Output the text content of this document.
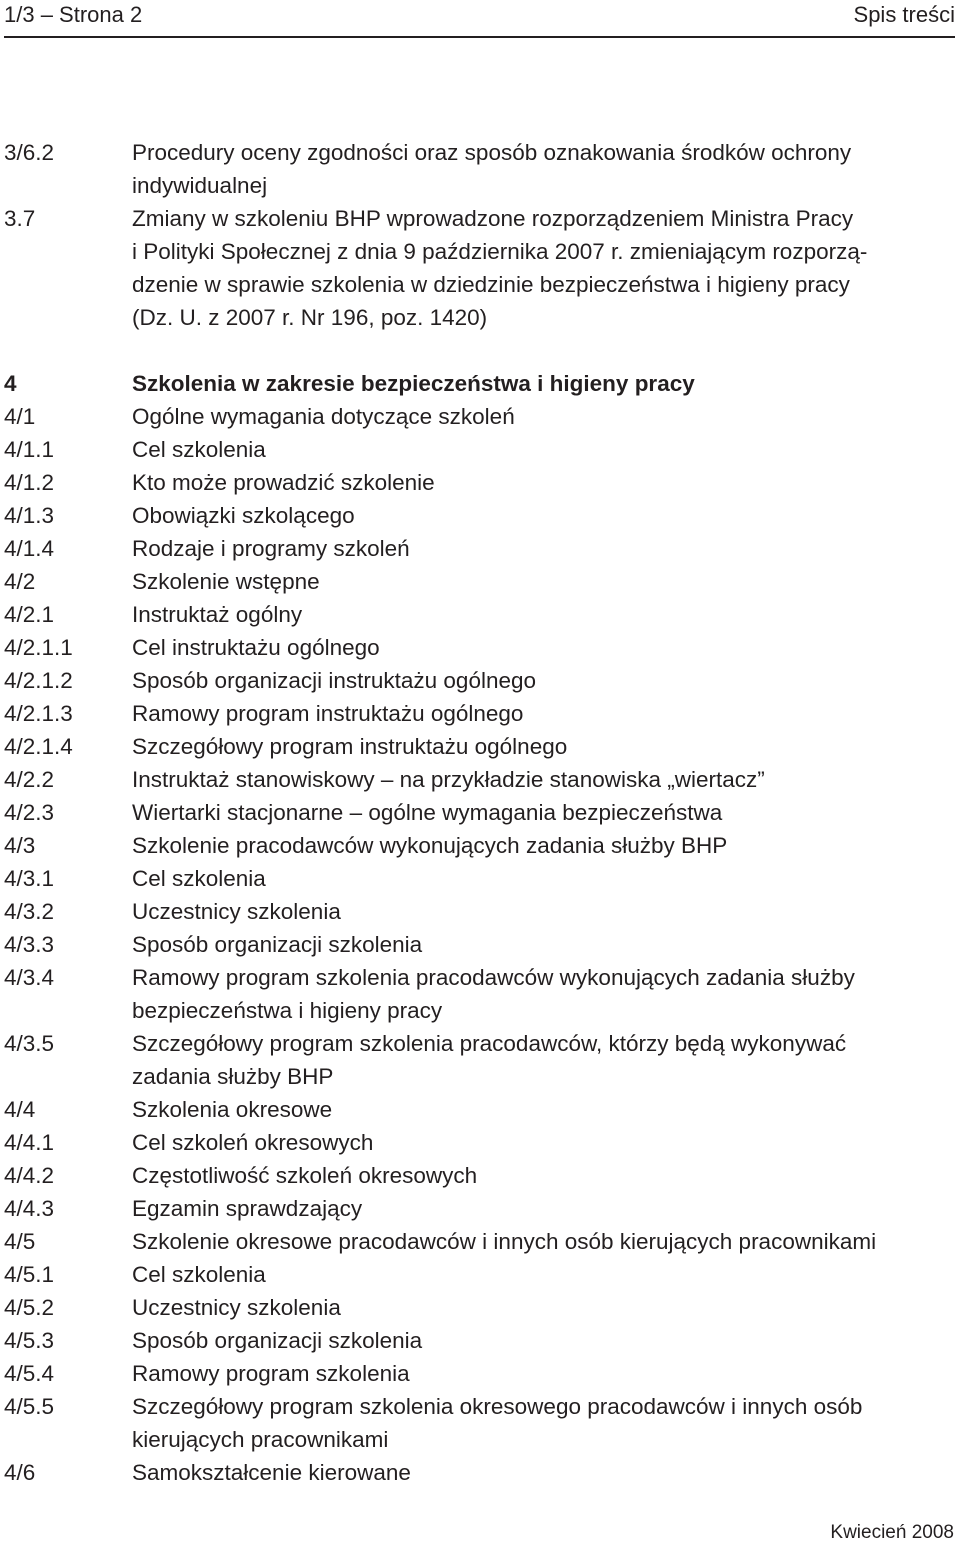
1/3 – Strona 2	Spis treści
3/6.2	Procedury oceny zgodności oraz sposób oznakowania środków ochrony
indywidualnej
3.7	Zmiany w szkoleniu BHP wprowadzone rozporządzeniem Ministra Pracy
i Polityki Społecznej z dnia 9 października 2007 r. zmieniającym rozporzą-
dzenie w sprawie szkolenia w dziedzinie bezpieczeństwa i higieny pracy
(Dz. U. z 2007 r. Nr 196, poz. 1420)
4	Szkolenia w zakresie bezpieczeństwa i higieny pracy
4/1	Ogólne wymagania dotyczące szkoleń
4/1.1	Cel szkolenia
4/1.2	Kto może prowadzić szkolenie
4/1.3	Obowiązki szkolącego
4/1.4	Rodzaje i programy szkoleń
4/2	Szkolenie wstępne
4/2.1	Instruktaż ogólny
4/2.1.1	Cel instruktażu ogólnego
4/2.1.2	Sposób organizacji instruktażu ogólnego
4/2.1.3	Ramowy program instruktażu ogólnego
4/2.1.4	Szczegółowy program instruktażu ogólnego
4/2.2	Instruktaż stanowiskowy – na przykładzie stanowiska „wiertacz”
4/2.3	Wiertarki stacjonarne – ogólne wymagania bezpieczeństwa
4/3	Szkolenie pracodawców wykonujących zadania służby BHP
4/3.1	Cel szkolenia
4/3.2	Uczestnicy szkolenia
4/3.3	Sposób organizacji szkolenia
4/3.4	Ramowy program szkolenia pracodawców wykonujących zadania służby
bezpieczeństwa i higieny pracy
4/3.5	Szczegółowy program szkolenia pracodawców, którzy będą wykonywać
zadania służby BHP
4/4	Szkolenia okresowe
4/4.1	Cel szkoleń okresowych
4/4.2	Częstotliwość szkoleń okresowych
4/4.3	Egzamin sprawdzający
4/5	Szkolenie okresowe pracodawców i innych osób kierujących pracownikami
4/5.1	Cel szkolenia
4/5.2	Uczestnicy szkolenia
4/5.3	Sposób organizacji szkolenia
4/5.4	Ramowy program szkolenia
4/5.5	Szczegółowy program szkolenia okresowego pracodawców i innych osób
kierujących pracownikami
4/6	Samokształcenie kierowane
Kwiecień 2008
